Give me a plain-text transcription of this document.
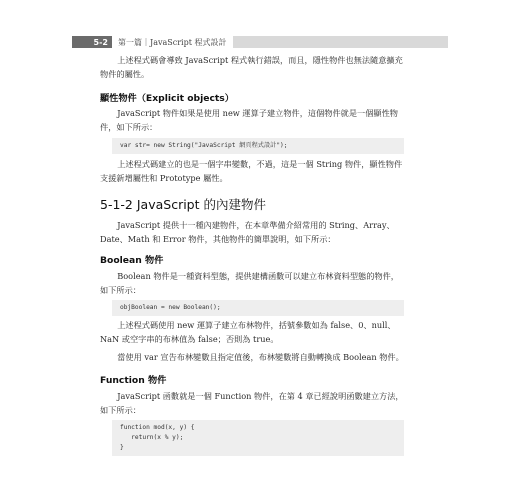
5-2	第一篇｜JavaScript 程式設計

上述程式碼會導致 JavaScript 程式執行錯誤，而且，隱性物件也無法隨意擴充物件的屬性。

顯性物件（Explicit objects）

JavaScript 物件如果是使用 new 運算子建立物件，這個物件就是一個顯性物件，如下所示：

var str= new String("JavaScript 網頁程式設計");

上述程式碼建立的也是一個字串變數，不過，這是一個 String 物件，顯性物件支援新增屬性和 Prototype 屬性。

5-1-2 JavaScript 的內建物件

JavaScript 提供十一種內建物件，在本章準備介紹常用的 String、Array、Date、Math 和 Error 物件，其他物件的簡單說明，如下所示：

Boolean 物件

Boolean 物件是一種資料型態，提供建構函數可以建立布林資料型態的物件，如下所示：

objBoolean = new Boolean();

上述程式碼使用 new 運算子建立布林物件，括號參數如為 false、0、null、NaN 或空字串的布林值為 false；否則為 true。

當使用 var 宣告布林變數且指定值後，布林變數將自動轉換成 Boolean 物件。

Function 物件

JavaScript 函數就是一個 Function 物件，在第 4 章已經說明函數建立方法，如下所示：

function mod(x, y) {
return(x % y);
}
